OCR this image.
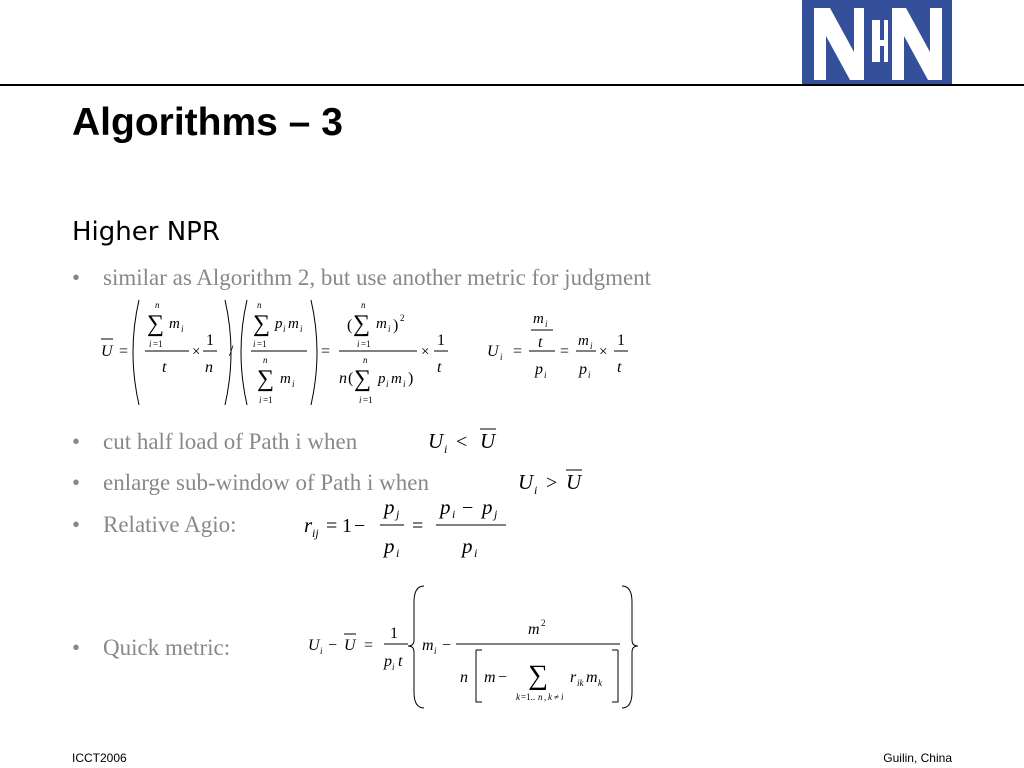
Algorithms – 3
Higher NPR
• similar as Algorithm 2, but use another metric for judgment
U =
n
∑ m i
i =1
t
×
1
n
/
n
∑ p i m i
i =1
n
∑ m i
i =1
=
n
( ∑ m i ) 2
i =1
n
n ( ∑ p i m i )
i =1
×
1
t
U i =
m i
t
p i
=
m i
p i
×
1
t
• cut half load of Path i when	U i < U
• enlarge sub-window of Path i when	U i > U
• Relative Agio:	r ij = 1 −
p j
p i
=
p i − p j
p i
• Quick metric:	U i − U =
1
p i t
m i −
m 2
n m − ∑
k =1.. n , k ≠ i
r ik m k
ICCT2006	Guilin, China
